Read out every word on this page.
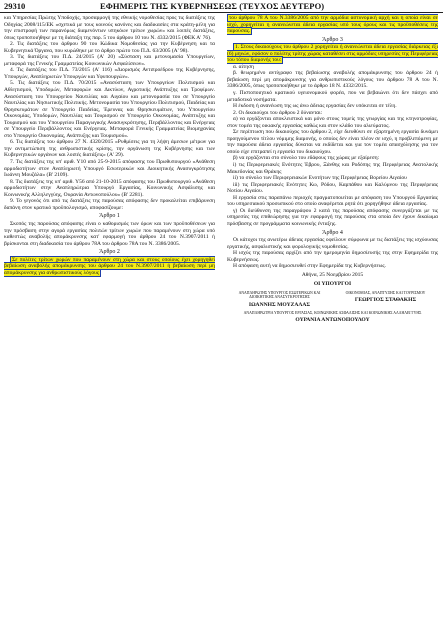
29310	ΕΦΗΜΕΡΙΣ ΤΗΣ ΚΥΒΕΡΝΗΣΕΩΣ (ΤΕΥΧΟΣ ΔΕΥΤΕΡΟ)

και Υπηρεσίας Πρώτης Υποδοχής, προσαρμογή της εθνικής νομοθεσίας προς τις διατάξεις της Οδηγίας 2008/115/ΕΚ «σχετικά με τους κοινούς κανόνες και διαδικασίες στα κράτη-μέλη για την επιστροφή των παρανόμως διαμενόντων υπηκόων τρίτων χωρών» και λοιπές διατάξεις, όπως τροποποιήθηκε με τη διάταξη της παρ. 5 του άρθρου 10 του Ν. 4332/2015 (ΦΕΚ Α' 76).

2. Τις διατάξεις του άρθρου 90 του Κώδικα Νομοθεσίας για την Κυβέρνηση και τα Κυβερνητικά Όργανα, που κυρώθηκε με το άρθρο πρώτο του Π.Δ. 63/2005 (Α' 98).

3. Τις διατάξεις του Π.Δ. 24/2015 (Α' 20) «Σύσταση και μετονομασία Υπουργείων, μεταφορά της Γενικής Γραμματείας Κοινωνικών Ασφαλίσεων».

4. Τις διατάξεις του Π.Δ. 73/2015 (Α' 116) «Διορισμός Αντιπροέδρου της Κυβέρνησης, Υπουργών, Αναπληρωτών Υπουργών και Υφυπουργών».

5. Τις διατάξεις του Π.Δ. 70/2015 «Ανασύσταση των Υπουργείων Πολιτισμού και Αθλητισμού, Υποδομών, Μεταφορών και Δικτύων, Αγροτικής Ανάπτυξης και Τροφίμων. Ανασύσταση του Υπουργείου Ναυτιλίας και Αιγαίου και μετονομασία του σε Υπουργείο Ναυτιλίας και Νησιωτικής Πολιτικής. Μετονομασία του Υπουργείου Πολιτισμού, Παιδείας και Θρησκευμάτων σε Υπουργείο Παιδείας, Έρευνας και Θρησκευμάτων, του Υπουργείου Οικονομίας, Υποδομών, Ναυτιλίας και Τουρισμού σε Υπουργείο Οικονομίας, Ανάπτυξης και Τουρισμού και του Υπουργείου Παραγωγικής Ανασυγκρότησης, Περιβάλλοντος και Ενέργειας σε Υπουργείο Περιβάλλοντος και Ενέργειας. Μεταφορά Γενικής Γραμματείας Βιομηχανίας στο Υπουργείο Οικονομίας, Ανάπτυξης και Τουρισμού».

6. Τις διατάξεις του άρθρου 27 Ν. 4320/2015 «Ρυθμίσεις για τη λήψη άμεσων μέτρων για την αντιμετώπιση της ανθρωπιστικής κρίσης, την οργάνωση της Κυβέρνησης και των Κυβερνητικών οργάνων και λοιπές διατάξεις» (Α' 29).

7. Τις διατάξεις της υπ' αριθ. Υ10 από 25-9-2015 απόφασης του Πρωθυπουργού «Ανάθεση αρμοδιοτήτων στον Αναπληρωτή Υπουργό Εσωτερικών και Διοικητικής Ανασυγκρότησης Ιωάννη Μουζάλα» (Β' 2109).

8. Τις διατάξεις της υπ' αριθ. Υ56 από 21-10-2015 απόφασης του Πρωθυπουργού «Ανάθεση αρμοδιοτήτων στην Αναπληρώτρια Υπουργό Εργασίας, Κοινωνικής Ασφάλισης και Κοινωνικής Αλληλεγγύης, Ουρανία Αντωνοπούλου» (Β' 2281).

9. Το γεγονός ότι από τις διατάξεις της παρούσας απόφασης δεν προκαλείται επιβάρυνση δαπάνη στον κρατικό προϋπολογισμό, αποφασίζουμε:

Άρθρο 1

Σκοπός της παρούσας απόφασης είναι ο καθορισμός των όρων και των προϋποθέσεων για την πρόσβαση στην αγορά εργασίας πολιτών τρίτων χωρών που παραμένουν στη χώρα υπό καθεστώς αναβολής απομάκρυνσης κατ' εφαρμογή του άρθρου 24 του Ν.3907/2011 ή βρίσκονται στη διαδικασία του άρθρου 78Α του άρθρου 78Α του Ν. 3386/2005.

Άρθρο 2

Σε πολίτες τρίτων χωρών που παραμένουν στη χώρα και στους οποίους έχει χορηγηθεί βεβαίωση αναβολής απομάκρυνσης του άρθρου 24 του Ν.3907/2011 ή βεβαίωση περί μη απομάκρυνσης για ανθρωπιστικούς λόγους

του άρθρου 78 Α του Ν.3386/2005 από την αρμόδια αστυνομική αρχή και η οποία είναι σε ισχύ, χορηγείται η ανανεώνεται άδεια εργασίας υπό τους όρους και τις προϋποθέσεις της παρούσας.

Άρθρο 3

1. Στους δικαιούχους του άρθρου 2 χορηγείται ή ανανεώνεται άδεια εργασίας διάρκειας έξι (6) μηνών, εφόσον ο πολίτης τρίτης χώρας καταθέσει στις αρμόδιες υπηρεσίες της Περιφέρειας του τόπου διαμονής του:

α. αίτηση

β. θεωρημένο αντίγραφο της βεβαίωσης αναβολής απομάκρυνσης του άρθρου 24 ή βεβαίωση περί μη απομάκρυνσης για ανθρωπιστικούς λόγους του άρθρου 78 Α του Ν. 3386/2005, όπως τροποποιήθηκε με το άρθρο 18 Ν. 4332/2015.

γ. Πιστοποιητικό κρατικού υγειονομικού φορέα, που να βεβαιώνει ότι δεν πάσχει από μεταδοτικά νοσήματα.

Η έκδοση ή ανανέωση της ως άνω άδειας εργασίας δεν υπόκειται σε τέλη.

2. Οι δικαιούχοι του άρθρου 2 δύνανται:

α) να εργάζονται αποκλειστικά και μόνο στους τομείς της γεωργίας και της κτηνοτροφίας, στον τομέα της οικιακής εργασίας καθώς και στον κλάδο του αλιεύματος.

Σε περίπτωση που δικαιούχος του άρθρου 2, είχε διευθύνει σε εξαρτημένη εργασία δυνάμει προηγούμενου τίτλου νόμιμης διαμονής, ο οποίος δεν είναι πλέον σε ισχύ, η προβλεπόμενη με την παρούσα άδεια εργασίας δύναται να εκδίδεται και για τον τομέα απασχόλησης για τον οποίο είχε επιτραπεί η εργασία του δικαιούχου.

β) να εργάζονται στο σύνολο του εδάφους της χώρας με εξαίρεση:

i) τις Περιφερειακές Ενότητες Έβρου, Ξάνθης και Ροδόπης της Περιφέρειας Ανατολικής Μακεδονίας και Θράκης

ii) το σύνολο των Περιφερειακών Ενοτήτων της Περιφέρειας Βορείου Αιγαίου

iii) τις Περιφερειακές Ενότητες Κω, Ρόδου, Καρπάθου και Καλύμνου της Περιφέρειας Νοτίου Αιγαίου.

Η εργασία στις παραπάνω περιοχές πραγματοποιείται με απόφαση του Υπουργού Εργασίας του υπηρεσιακού προσωπικού στο οποίο αναφέρεται ρητά ότι χορηγήθηκε άδεια εργασίας.

γ) Οι διεύθυνση της παραγράφου 2 κατά της παρούσας απόφασης συνεργάζεται με τις υπηρεσίες της επιθεώρησης για την εφαρμογή της παρούσας στα οποία δεν έχουν δικαίωμα πρόσβασης σε προγράμματα κοινωνικής ένταξης.

Άρθρο 4

Οι κάτοχοι της ανωτέρω άδειας εργασίας οφείλουν σύμφωνα με τις διατάξεις της ισχύουσας εργατικής, ασφαλιστικής και φορολογικής νομοθεσίας.

Η ισχύς της παρούσας αρχίζει από την ημερομηνία δημοσίευσής της στην Εφημερίδα της Κυβερνήσεως.

Η απόφαση αυτή να δημοσιευθεί στην Εφημερίδα της Κυβερνήσεως.

Αθήνα, 25 Νοεμβρίου 2015

ΟΙ ΥΠΟΥΡΓΟΙ
ΑΝΑΠΛΗΡΩΤΗΣ ΥΠΟΥΡΓΟΣ ΕΣΩΤΕΡΙΚΩΝ ΚΑΙ ΔΙΟΙΚΗΤΙΚΗΣ ΑΝΑΣΥΓΚΡΟΤΗΣΗΣ
ΙΩΑΝΝΗΣ ΜΟΥΖΑΛΑΣ
ΟΙΚΟΝΟΜΙΑΣ, ΑΝΑΠΤΥΞΗΣ ΚΑΙ ΤΟΥΡΙΣΜΟΥ
ΓΕΩΡΓΙΟΣ ΣΤΑΘΑΚΗΣ
ΑΝΑΠΛΗΡΩΤΡΙΑ ΥΠΟΥΡΓΟΣ ΕΡΓΑΣΙΑΣ, ΚΟΙΝΩΝΙΚΗΣ ΑΣΦΑΛΙΣΗΣ ΚΑΙ ΚΟΙΝΩΝΙΚΗΣ ΑΛΛΗΛΕΓΓΥΗΣ
ΟΥΡΑΝΙΑ ΑΝΤΩΝΟΠΟΥΛΟΥ
